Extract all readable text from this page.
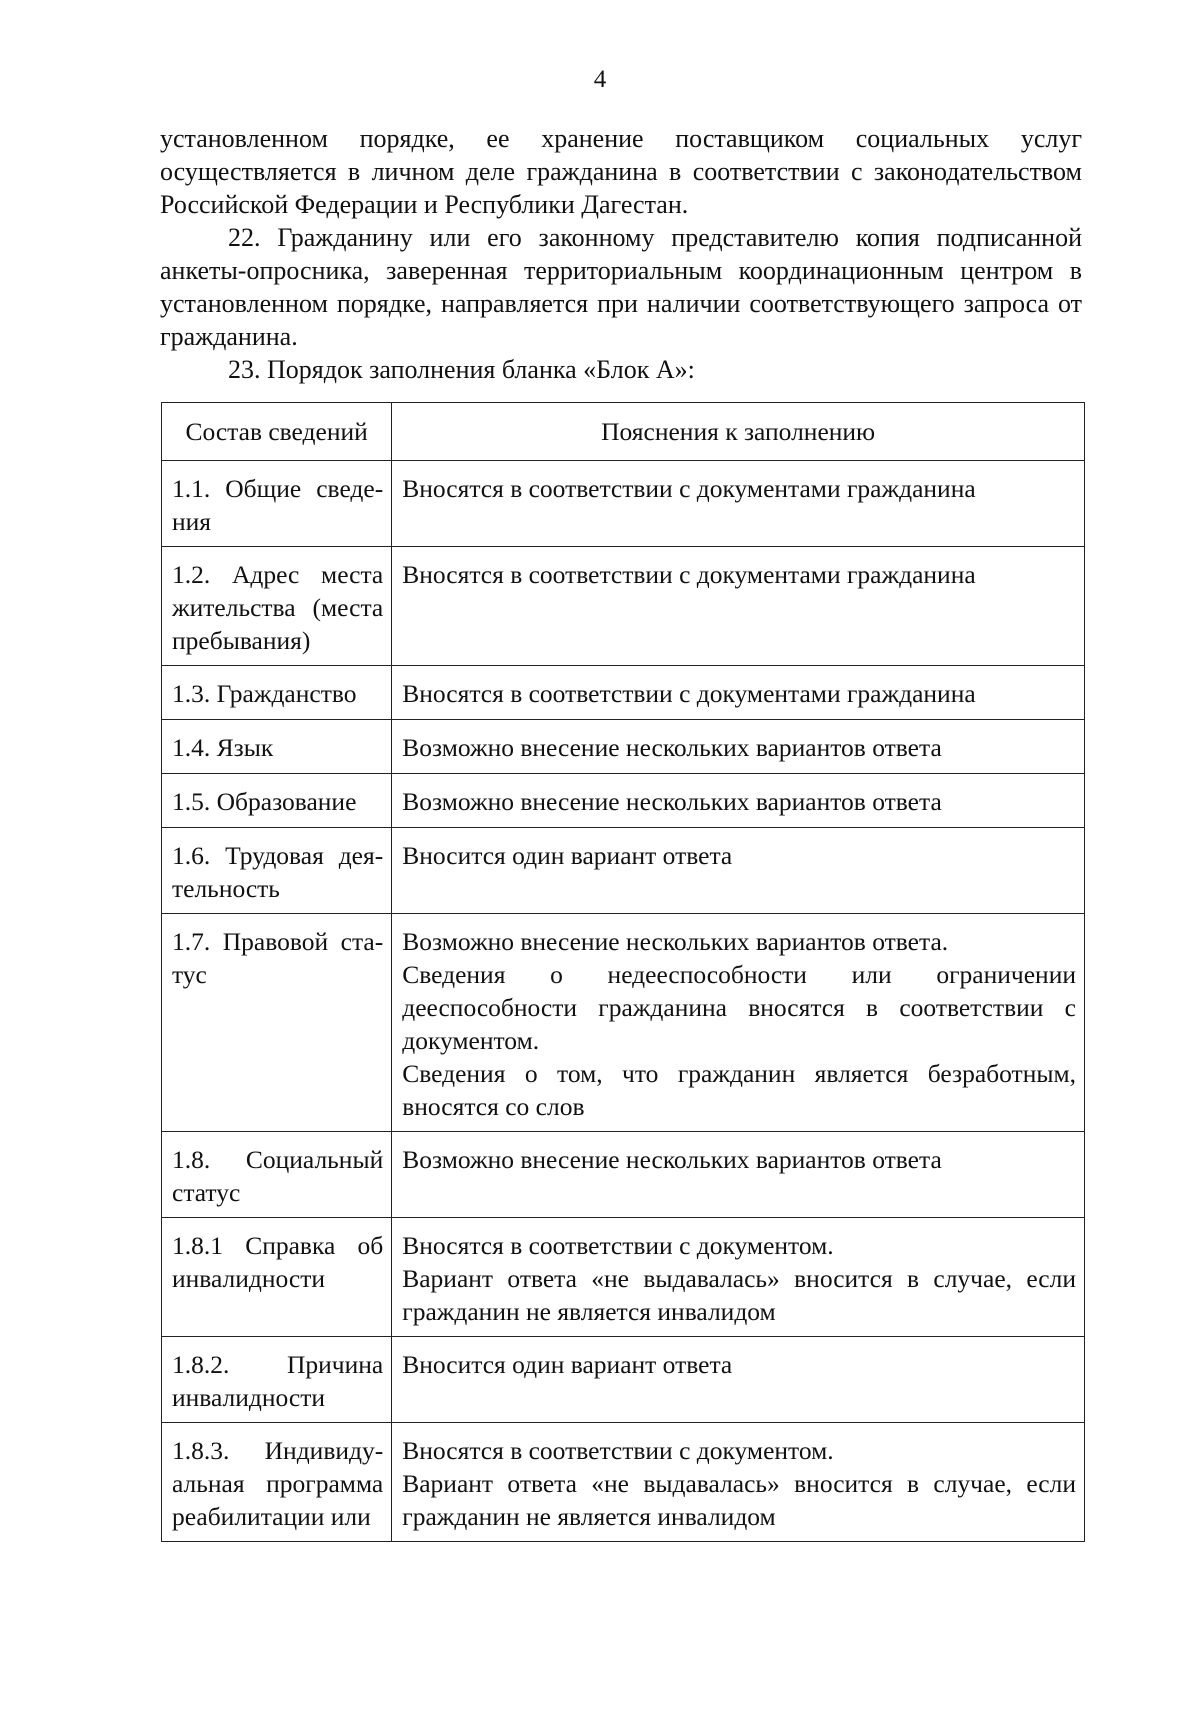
4

установленном порядке, ее хранение поставщиком социальных услуг осуществляется в личном деле гражданина в соответствии с законодательством Российской Федерации и Республики Дагестан.

22. Гражданину или его законному представителю копия подписанной анкеты-опросника, заверенная территориальным координационным центром в установленном порядке, направляется при наличии соответствующего запроса от гражданина.

23. Порядок заполнения бланка «Блок А»:

Состав сведений	Пояснения к заполнению
1.1. Общие сведения	Вносятся в соответствии с документами гражданина

1.2. Адрес места жительства (места пребывания)	Вносятся в соответствии с документами гражданина

1.3. Гражданство	Вносятся в соответствии с документами гражданина

1.4. Язык	Возможно внесение нескольких вариантов ответа

1.5. Образование	Возможно внесение нескольких вариантов ответа

1.6. Трудовая деятельность	Вносится один вариант ответа

1.7. Правовой статус	Возможно внесение нескольких вариантов ответа.

Сведения о недееспособности или ограничении дееспособности гражданина вносятся в соответствии с документом.

Сведения о том, что гражданин является безработным, вносятся со слов

1.8. Социальный статус	Возможно внесение нескольких вариантов ответа

1.8.1 Справка об инвалидности	Вносятся в соответствии с документом.

Вариант ответа «не выдавалась» вносится в случае, если гражданин не является инвалидом

1.8.2. Причина инвалидности	Вносится один вариант ответа

1.8.3. Индивидуальная программа реабилитации или	Вносятся в соответствии с документом.

Вариант ответа «не выдавалась» вносится в случае, если гражданин не является инвалидом
